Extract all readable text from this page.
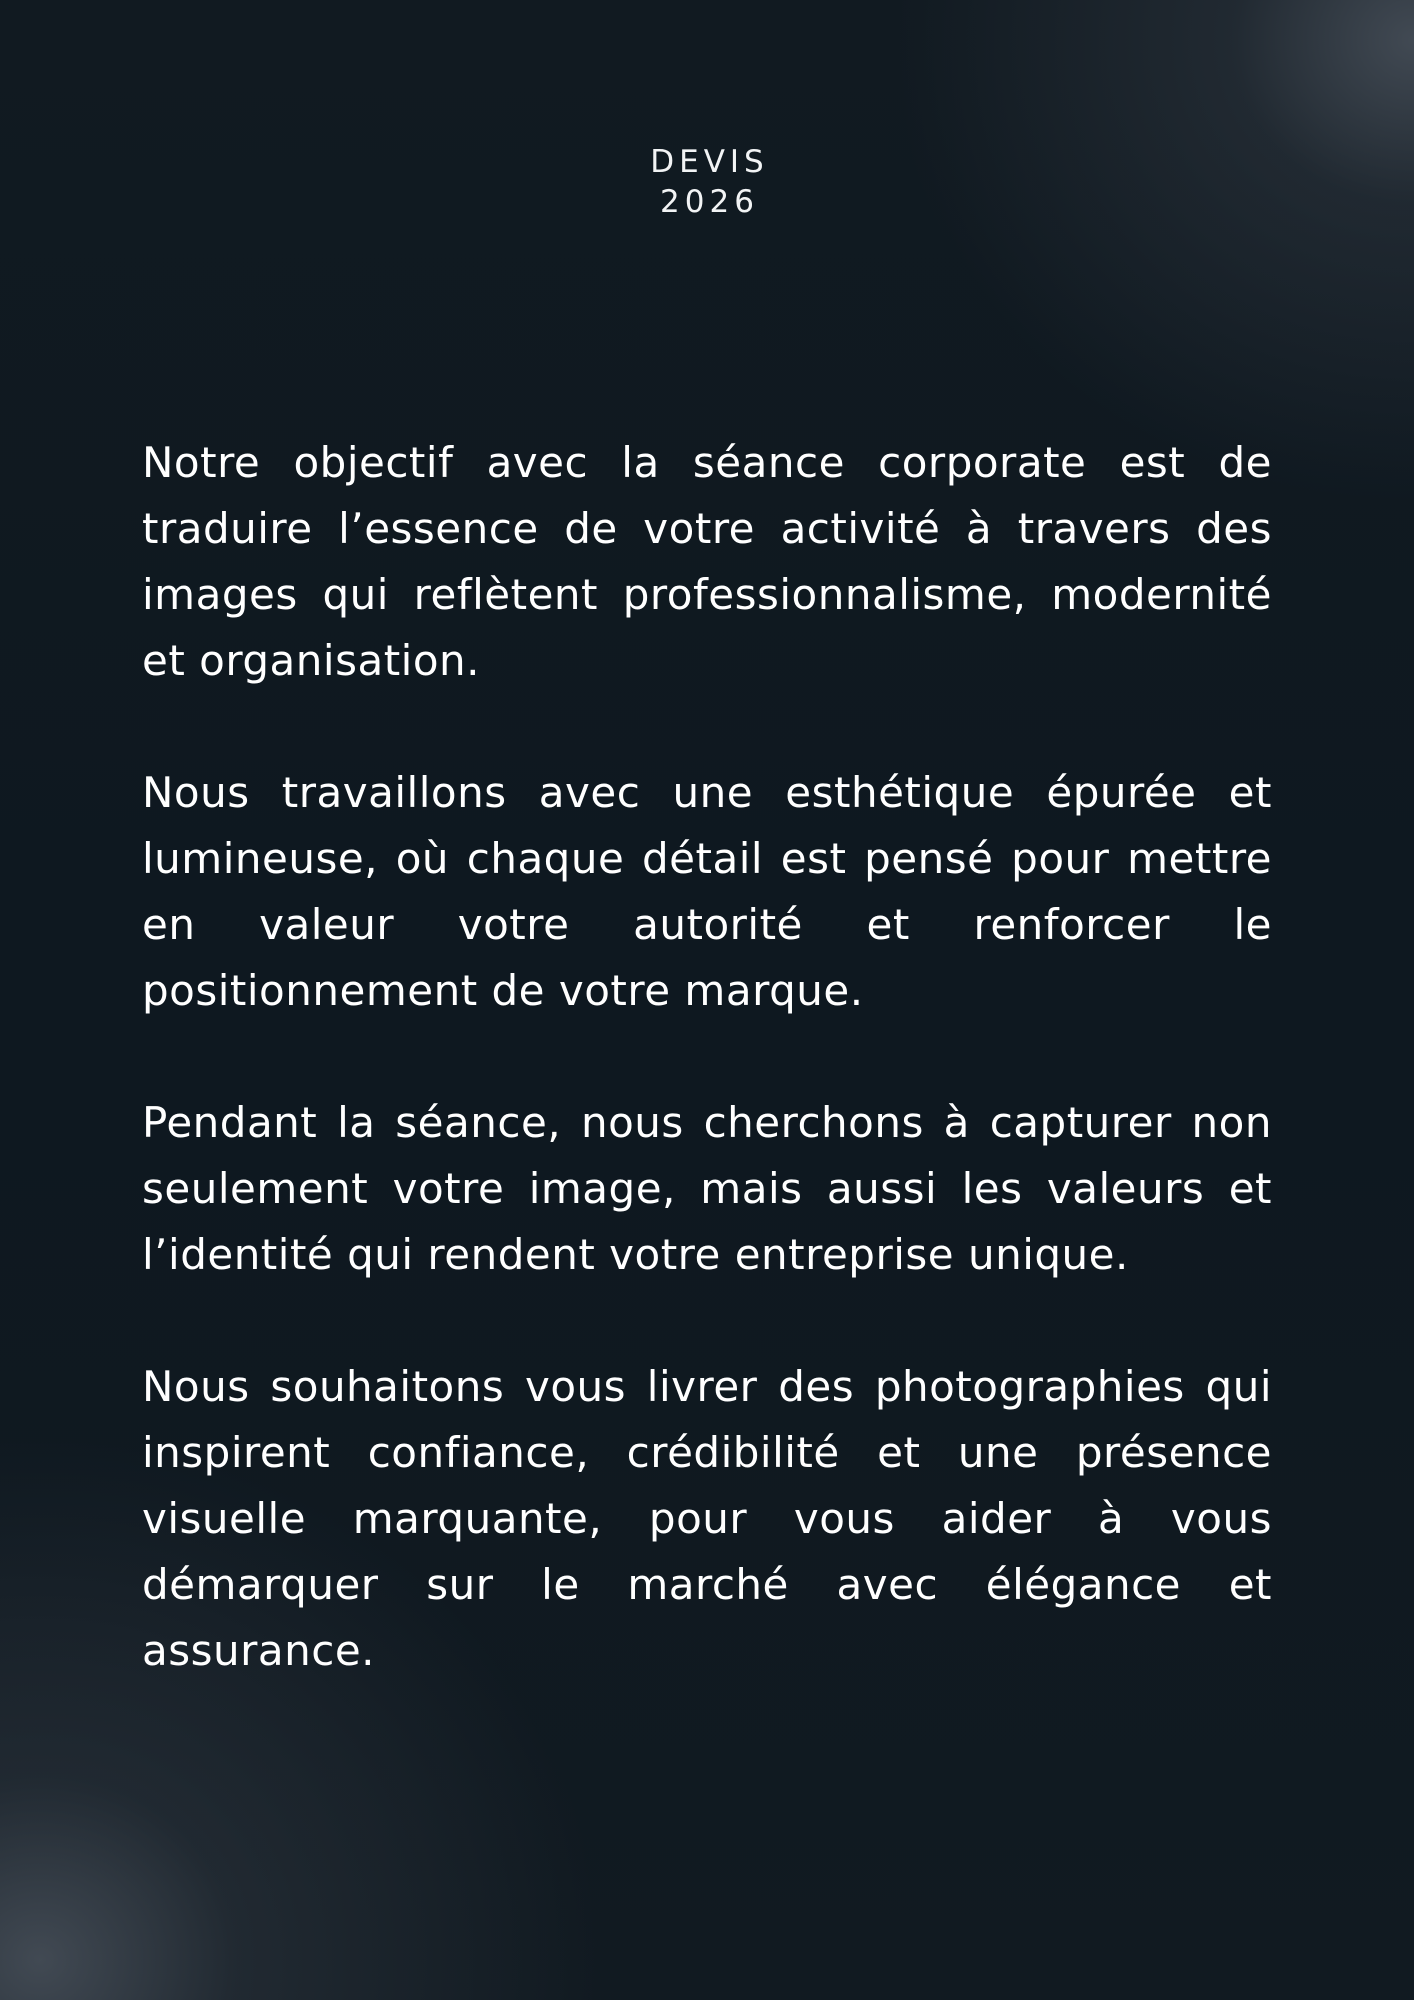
DEVIS
2026

Notre objectif avec la séance corporate est de traduire l’essence de votre activité à travers des images qui reflètent professionnalisme, modernité et organisation.

Nous travaillons avec une esthétique épurée et lumineuse, où chaque détail est pensé pour mettre en valeur votre autorité et renforcer le positionnement de votre marque.

Pendant la séance, nous cherchons à capturer non seulement votre image, mais aussi les valeurs et l’identité qui rendent votre entreprise unique.

Nous souhaitons vous livrer des photographies qui inspirent confiance, crédibilité et une présence visuelle marquante, pour vous aider à vous démarquer sur le marché avec élégance et assurance.
